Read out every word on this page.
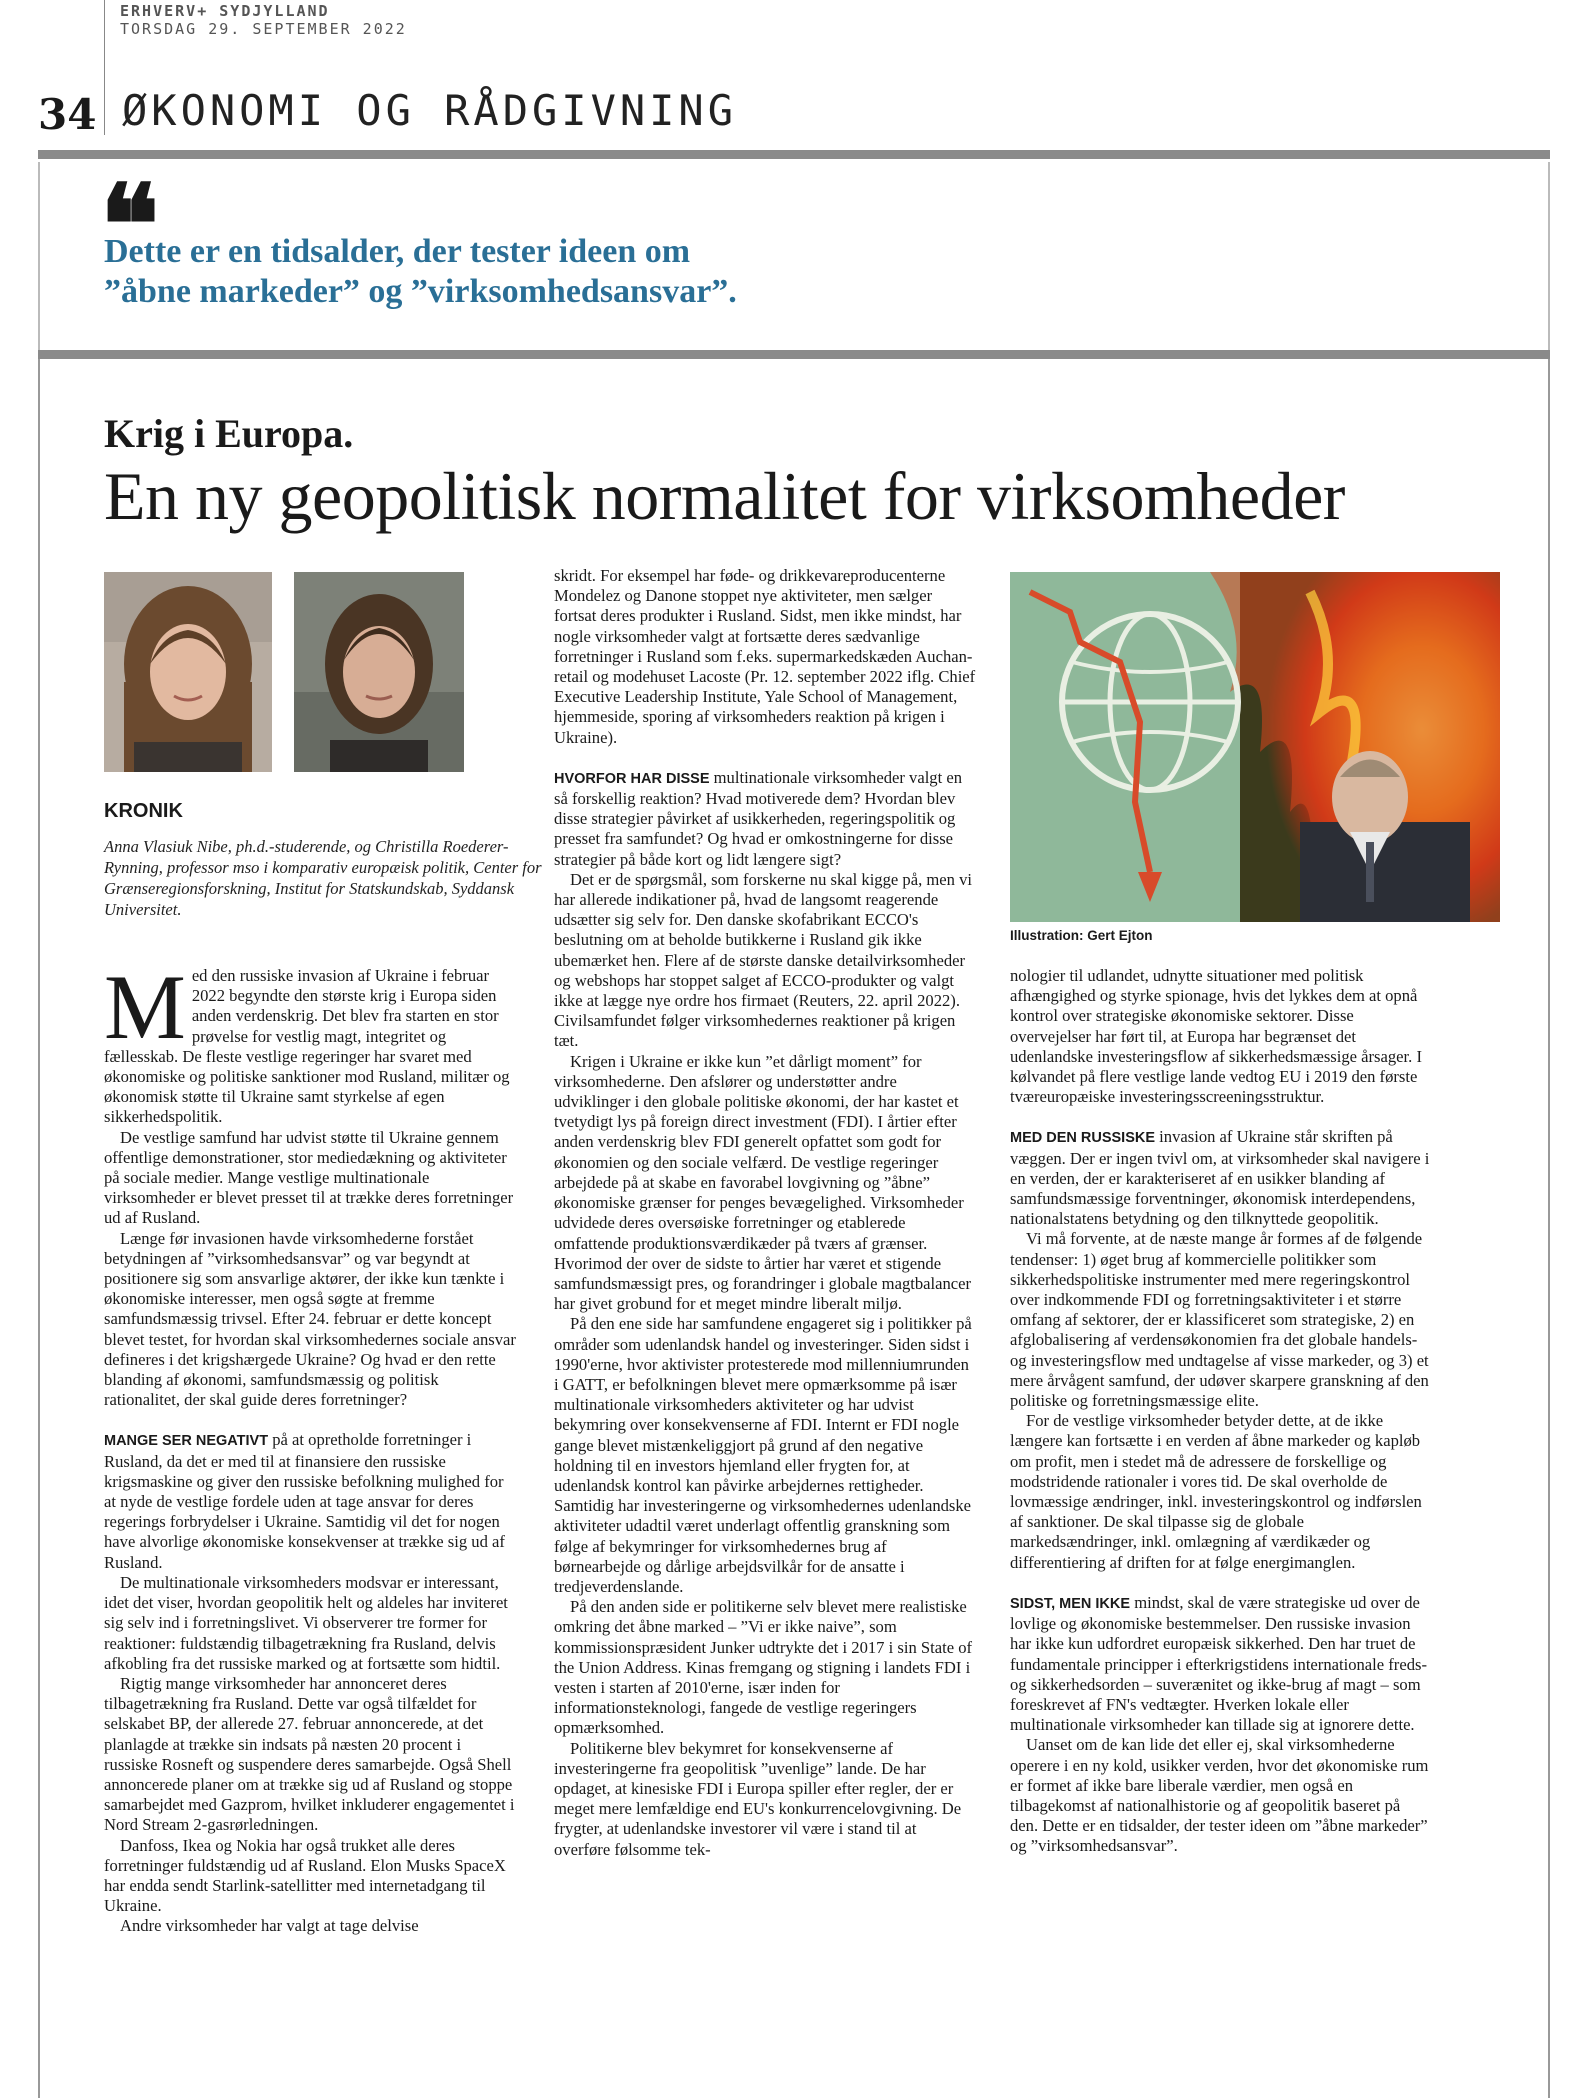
ERHVERV+ SYDJYLLAND
TORSDAG 29. SEPTEMBER 2022
34 ØKONOMI OG RÅDGIVNING
❝
Dette er en tidsalder, der tester ideen om
”åbne markeder” og ”virksomhedsansvar”.
Krig i Europa.
En ny geopolitisk normalitet for virksomheder
KRONIK
Anna Vlasiuk Nibe, ph.d.-studerende, og Christilla Roederer-Rynning, professor mso i komparativ europæisk politik, Center for Grænseregionsforskning, Institut for Statskundskab, Syddansk Universitet.

Med den russiske invasion af Ukraine i februar 2022 begyndte den største krig i Europa siden anden verdenskrig. Det blev fra starten en stor prøvelse for vestlig magt, integritet og fællesskab. De fleste vestlige regeringer har svaret med økonomiske og politiske sanktioner mod Rusland, militær og økonomisk støtte til Ukraine samt styrkelse af egen sikkerhedspolitik.

De vestlige samfund har udvist støtte til Ukraine gennem offentlige demonstrationer, stor mediedækning og aktiviteter på sociale medier. Mange vestlige multinationale virksomheder er blevet presset til at trække deres forretninger ud af Rusland.

Længe før invasionen havde virksomhederne forstået betydningen af ”virksomhedsansvar” og var begyndt at positionere sig som ansvarlige aktører, der ikke kun tænkte i økonomiske interesser, men også søgte at fremme samfundsmæssig trivsel. Efter 24. februar er dette koncept blevet testet, for hvordan skal virksomhedernes sociale ansvar defineres i det krigshærgede Ukraine? Og hvad er den rette blanding af økonomi, samfundsmæssig og politisk rationalitet, der skal guide deres forretninger?

MANGE SER NEGATIVT på at opretholde forretninger i Rusland, da det er med til at finansiere den russiske krigsmaskine og giver den russiske befolkning mulighed for at nyde de vestlige fordele uden at tage ansvar for deres regerings forbrydelser i Ukraine. Samtidig vil det for nogen have alvorlige økonomiske konsekvenser at trække sig ud af Rusland.

De multinationale virksomheders modsvar er interessant, idet det viser, hvordan geopolitik helt og aldeles har inviteret sig selv ind i forretningslivet. Vi observerer tre former for reaktioner: fuldstændig tilbagetrækning fra Rusland, delvis afkobling fra det russiske marked og at fortsætte som hidtil.

Rigtig mange virksomheder har annonceret deres tilbagetrækning fra Rusland. Dette var også tilfældet for selskabet BP, der allerede 27. februar annoncerede, at det planlagde at trække sin indsats på næsten 20 procent i russiske Rosneft og suspendere deres samarbejde. Også Shell annoncerede planer om at trække sig ud af Rusland og stoppe samarbejdet med Gazprom, hvilket inkluderer engagementet i Nord Stream 2-gasrørledningen.

Danfoss, Ikea og Nokia har også trukket alle deres forretninger fuldstændig ud af Rusland. Elon Musks SpaceX har endda sendt Starlink-satellitter med internetadgang til Ukraine.

Andre virksomheder har valgt at tage delvise

skridt. For eksempel har føde- og drikkevareproducenterne Mondelez og Danone stoppet nye aktiviteter, men sælger fortsat deres produkter i Rusland. Sidst, men ikke mindst, har nogle virksomheder valgt at fortsætte deres sædvanlige forretninger i Rusland som f.eks. supermarkedskæden Auchan-retail og modehuset Lacoste (Pr. 12. september 2022 iflg. Chief Executive Leadership Institute, Yale School of Management, hjemmeside, sporing af virksomheders reaktion på krigen i Ukraine).

HVORFOR HAR DISSE multinationale virksomheder valgt en så forskellig reaktion? Hvad motiverede dem? Hvordan blev disse strategier påvirket af usikkerheden, regeringspolitik og presset fra samfundet? Og hvad er omkostningerne for disse strategier på både kort og lidt længere sigt?

Det er de spørgsmål, som forskerne nu skal kigge på, men vi har allerede indikationer på, hvad de langsomt reagerende udsætter sig selv for. Den danske skofabrikant ECCO's beslutning om at beholde butikkerne i Rusland gik ikke ubemærket hen. Flere af de største danske detailvirksomheder og webshops har stoppet salget af ECCO-produkter og valgt ikke at lægge nye ordre hos firmaet (Reuters, 22. april 2022). Civilsamfundet følger virksomhedernes reaktioner på krigen tæt.

Krigen i Ukraine er ikke kun ”et dårligt moment” for virksomhederne. Den afslører og understøtter andre udviklinger i den globale politiske økonomi, der har kastet et tvetydigt lys på foreign direct investment (FDI). I årtier efter anden verdenskrig blev FDI generelt opfattet som godt for økonomien og den sociale velfærd. De vestlige regeringer arbejdede på at skabe en favorabel lovgivning og ”åbne” økonomiske grænser for penges bevægelighed. Virksomheder udvidede deres oversøiske forretninger og etablerede omfattende produktionsværdikæder på tværs af grænser. Hvorimod der over de sidste to årtier har været et stigende samfundsmæssigt pres, og forandringer i globale magtbalancer har givet grobund for et meget mindre liberalt miljø.

På den ene side har samfundene engageret sig i politikker på områder som udenlandsk handel og investeringer. Siden sidst i 1990'erne, hvor aktivister protesterede mod millenniumrunden i GATT, er befolkningen blevet mere opmærksomme på især multinationale virksomheders aktiviteter og har udvist bekymring over konsekvenserne af FDI. Internt er FDI nogle gange blevet mistænkeliggjort på grund af den negative holdning til en investors hjemland eller frygten for, at udenlandsk kontrol kan påvirke arbejdernes rettigheder. Samtidig har investeringerne og virksomhedernes udenlandske aktiviteter udadtil været underlagt offentlig granskning som følge af bekymringer for virksomhedernes brug af børnearbejde og dårlige arbejdsvilkår for de ansatte i tredjeverdenslande.

På den anden side er politikerne selv blevet mere realistiske omkring det åbne marked – ”Vi er ikke naive”, som kommissionspræsident Junker udtrykte det i 2017 i sin State of the Union Address. Kinas fremgang og stigning i landets FDI i vesten i starten af 2010'erne, især inden for informationsteknologi, fangede de vestlige regeringers opmærksomhed.

Politikerne blev bekymret for konsekvenserne af investeringerne fra geopolitisk ”uvenlige” lande. De har opdaget, at kinesiske FDI i Europa spiller efter regler, der er meget mere lemfældige end EU's konkurrencelovgivning. De frygter, at udenlandske investorer vil være i stand til at overføre følsomme tek-

nologier til udlandet, udnytte situationer med politisk afhængighed og styrke spionage, hvis det lykkes dem at opnå kontrol over strategiske økonomiske sektorer. Disse overvejelser har ført til, at Europa har begrænset det udenlandske investeringsflow af sikkerhedsmæssige årsager. I kølvandet på flere vestlige lande vedtog EU i 2019 den første tværeuropæiske investeringsscreeningsstruktur.

MED DEN RUSSISKE invasion af Ukraine står skriften på væggen. Der er ingen tvivl om, at virksomheder skal navigere i en verden, der er karakteriseret af en usikker blanding af samfundsmæssige forventninger, økonomisk interdependens, nationalstatens betydning og den tilknyttede geopolitik.

Vi må forvente, at de næste mange år formes af de følgende tendenser: 1) øget brug af kommercielle politikker som sikkerhedspolitiske instrumenter med mere regeringskontrol over indkommende FDI og forretningsaktiviteter i et større omfang af sektorer, der er klassificeret som strategiske, 2) en afglobalisering af verdensøkonomien fra det globale handels- og investeringsflow med undtagelse af visse markeder, og 3) et mere årvågent samfund, der udøver skarpere granskning af den politiske og forretningsmæssige elite.

For de vestlige virksomheder betyder dette, at de ikke længere kan fortsætte i en verden af åbne markeder og kapløb om profit, men i stedet må de adressere de forskellige og modstridende rationaler i vores tid. De skal overholde de lovmæssige ændringer, inkl. investeringskontrol og indførslen af sanktioner. De skal tilpasse sig de globale markedsændringer, inkl. omlægning af værdikæder og differentiering af driften for at følge energimanglen.

SIDST, MEN IKKE mindst, skal de være strategiske ud over de lovlige og økonomiske bestemmelser. Den russiske invasion har ikke kun udfordret europæisk sikkerhed. Den har truet de fundamentale principper i efterkrigstidens internationale freds- og sikkerhedsorden – suverænitet og ikke-brug af magt – som foreskrevet af FN's vedtægter. Hverken lokale eller multinationale virksomheder kan tillade sig at ignorere dette.

Uanset om de kan lide det eller ej, skal virksomhederne operere i en ny kold, usikker verden, hvor det økonomiske rum er formet af ikke bare liberale værdier, men også en tilbagekomst af nationalhistorie og af geopolitik baseret på den. Dette er en tidsalder, der tester ideen om ”åbne markeder” og ”virksomhedsansvar”.

Illustration: Gert Ejton
